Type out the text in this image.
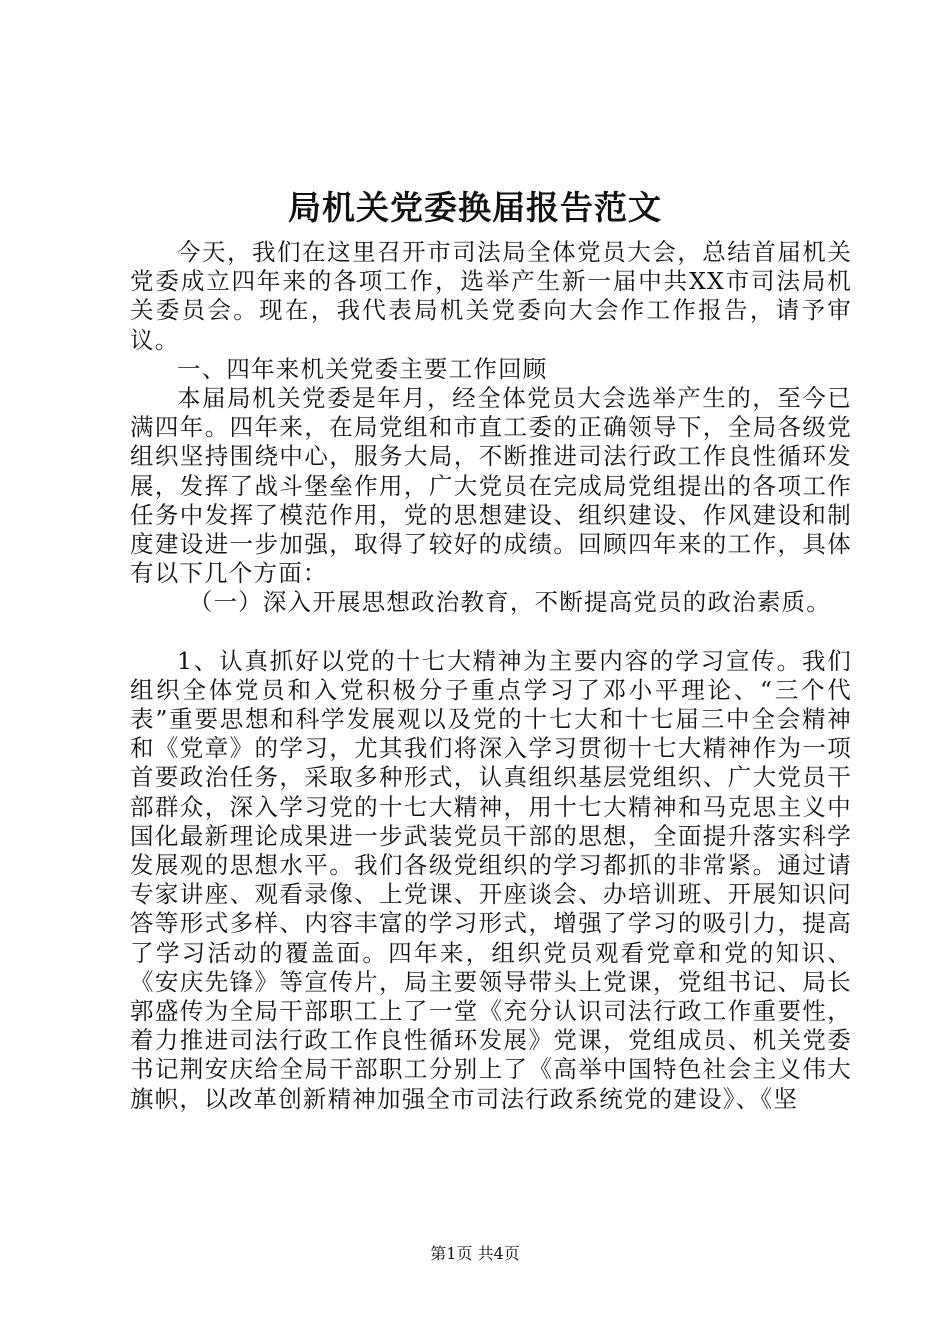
局机关党委换届报告范文

今天，我们在这里召开市司法局全体党员大会，总结首届机关党委成立四年来的各项工作，选举产生新一届中共XX市司法局机关委员会。现在，我代表局机关党委向大会作工作报告，请予审议。

一、四年来机关党委主要工作回顾

本届局机关党委是年月，经全体党员大会选举产生的，至今已满四年。四年来，在局党组和市直工委的正确领导下，全局各级党组织坚持围绕中心，服务大局，不断推进司法行政工作良性循环发展，发挥了战斗堡垒作用，广大党员在完成局党组提出的各项工作任务中发挥了模范作用，党的思想建设、组织建设、作风建设和制度建设进一步加强，取得了较好的成绩。回顾四年来的工作，具体有以下几个方面：

（一）深入开展思想政治教育，不断提高党员的政治素质。

1、认真抓好以党的十七大精神为主要内容的学习宣传。我们组织全体党员和入党积极分子重点学习了邓小平理论、“三个代表”重要思想和科学发展观以及党的十七大和十七届三中全会精神和《党章》的学习，尤其我们将深入学习贯彻十七大精神作为一项首要政治任务，采取多种形式，认真组织基层党组织、广大党员干部群众，深入学习党的十七大精神，用十七大精神和马克思主义中国化最新理论成果进一步武装党员干部的思想，全面提升落实科学发展观的思想水平。我们各级党组织的学习都抓的非常紧。通过请专家讲座、观看录像、上党课、开座谈会、办培训班、开展知识问答等形式多样、内容丰富的学习形式，增强了学习的吸引力，提高了学习活动的覆盖面。四年来，组织党员观看党章和党的知识、《安庆先锋》等宣传片，局主要领导带头上党课，党组书记、局长郭盛传为全局干部职工上了一堂《充分认识司法行政工作重要性，着力推进司法行政工作良性循环发展》党课，党组成员、机关党委书记荆安庆给全局干部职工分别上了《高举中国特色社会主义伟大旗帜，以改革创新精神加强全市司法行政系统党的建设》、《坚

第1页 共4页
